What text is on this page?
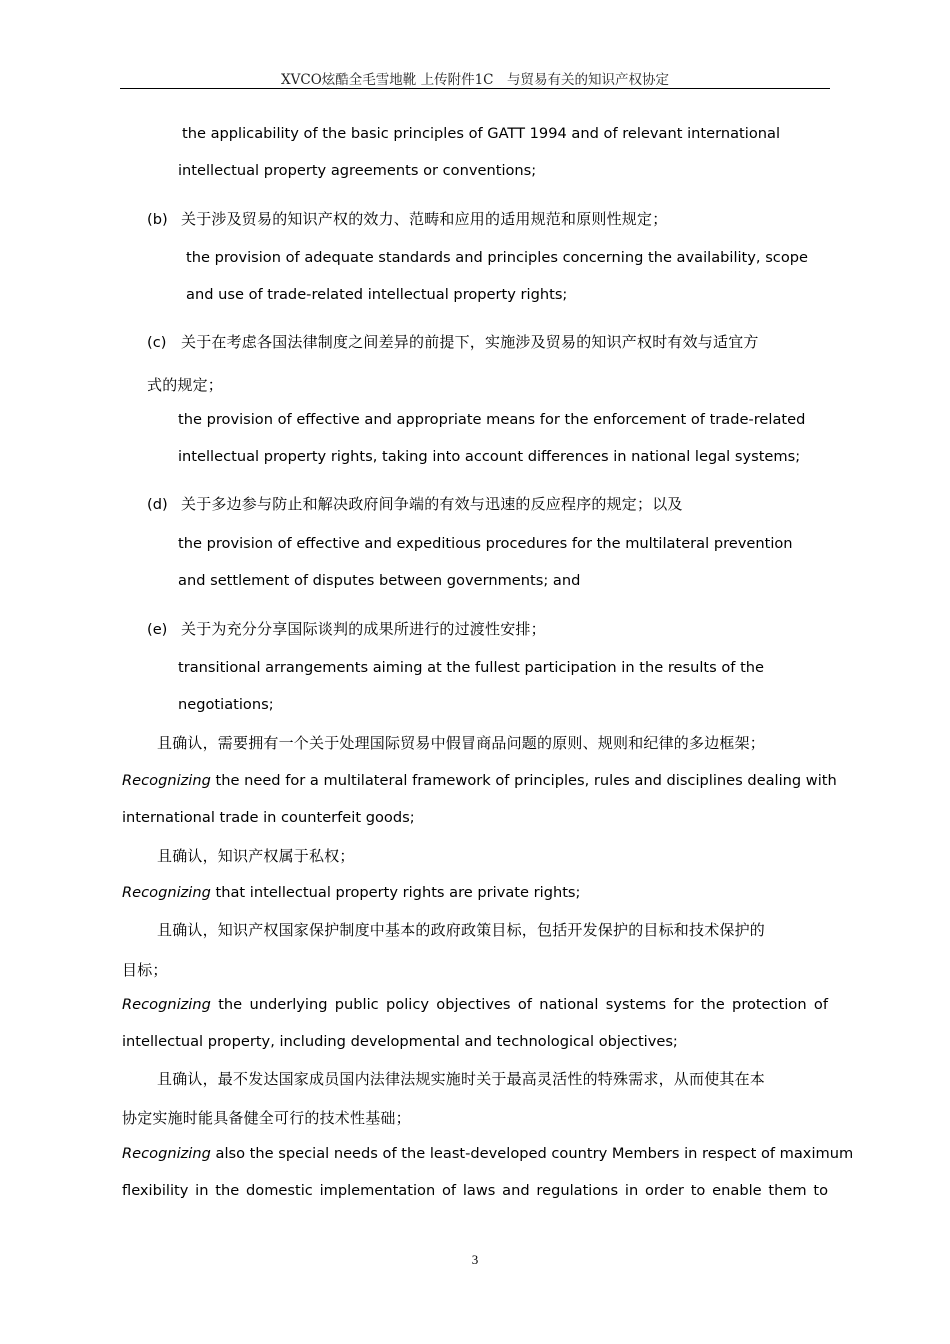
XVCO炫酷全毛雪地靴 上传附件1C　与贸易有关的知识产权协定
the applicability of the basic principles of GATT 1994 and of relevant international
intellectual property agreements or conventions;
(b) 关于涉及贸易的知识产权的效力、范畴和应用的适用规范和原则性规定；
the provision of adequate standards and principles concerning the availability, scope
and use of trade-related intellectual property rights;
(c) 关于在考虑各国法律制度之间差异的前提下，实施涉及贸易的知识产权时有效与适宜方
式的规定；
the provision of effective and appropriate means for the enforcement of trade-related
intellectual property rights, taking into account differences in national legal systems;
(d) 关于多边参与防止和解决政府间争端的有效与迅速的反应程序的规定；以及
the provision of effective and expeditious procedures for the multilateral prevention
and settlement of disputes between governments; and
(e) 关于为充分分享国际谈判的成果所进行的过渡性安排；
transitional arrangements aiming at the fullest participation in the results of the
negotiations;
且确认，需要拥有一个关于处理国际贸易中假冒商品问题的原则、规则和纪律的多边框架；
Recognizing the need for a multilateral framework of principles, rules and disciplines dealing with
international trade in counterfeit goods;
且确认，知识产权属于私权；
Recognizing that intellectual property rights are private rights;
且确认，知识产权国家保护制度中基本的政府政策目标，包括开发保护的目标和技术保护的
目标；
Recognizing the underlying public policy objectives of national systems for the protection of
intellectual property, including developmental and technological objectives;
且确认，最不发达国家成员国内法律法规实施时关于最高灵活性的特殊需求，从而使其在本
协定实施时能具备健全可行的技术性基础；
Recognizing also the special needs of the least-developed country Members in respect of maximum
flexibility in the domestic implementation of laws and regulations in order to enable them to
3
